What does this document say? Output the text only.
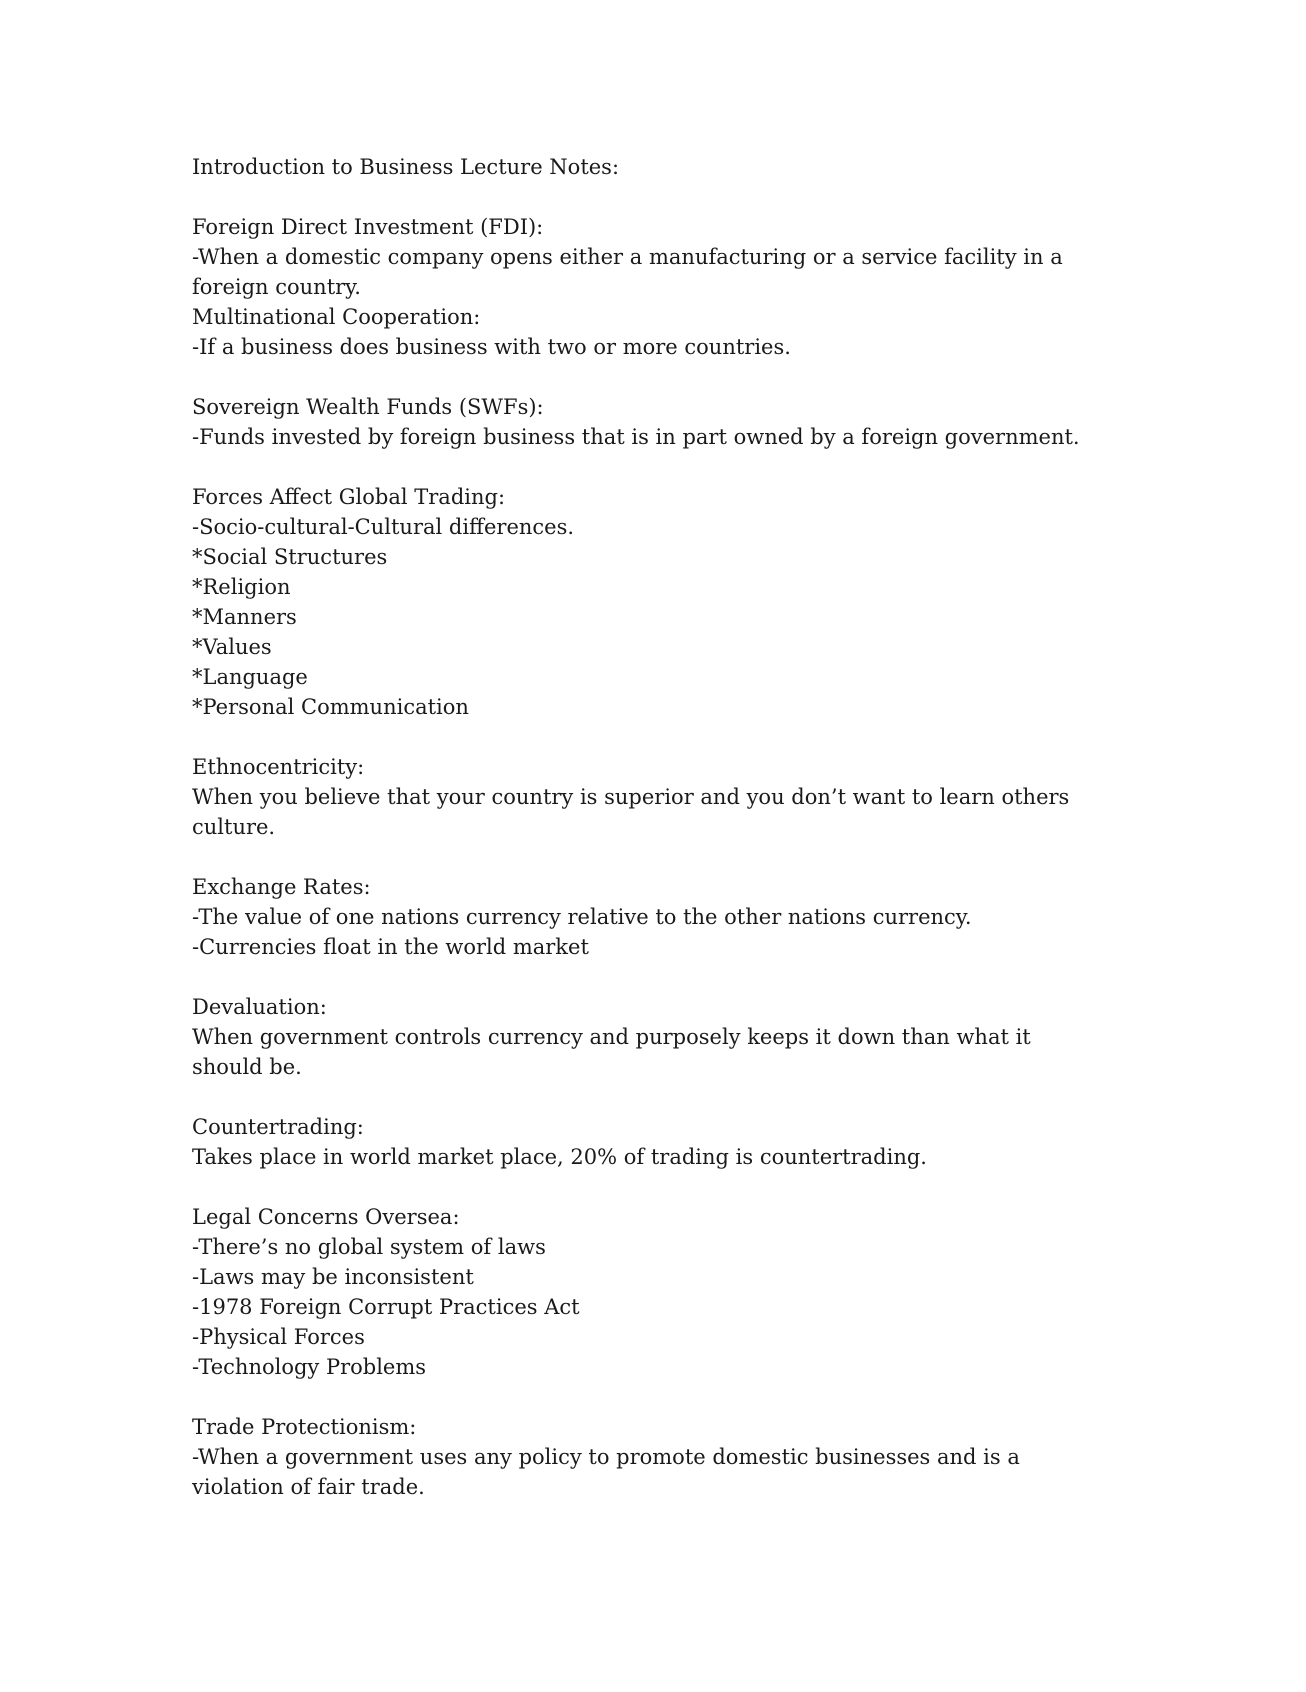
Introduction to Business Lecture Notes:
Foreign Direct Investment (FDI):
-When a domestic company opens either a manufacturing or a service facility in a
foreign country.
Multinational Cooperation:
-If a business does business with two or more countries.
Sovereign Wealth Funds (SWFs):
-Funds invested by foreign business that is in part owned by a foreign government.
Forces Affect Global Trading:
-Socio-cultural-Cultural differences.
*Social Structures
*Religion
*Manners
*Values
*Language
*Personal Communication
Ethnocentricity:
When you believe that your country is superior and you don’t want to learn others
culture.
Exchange Rates:
-The value of one nations currency relative to the other nations currency.
-Currencies float in the world market
Devaluation:
When government controls currency and purposely keeps it down than what it
should be.
Countertrading:
Takes place in world market place, 20% of trading is countertrading.
Legal Concerns Oversea:
-There’s no global system of laws
-Laws may be inconsistent
-1978 Foreign Corrupt Practices Act
-Physical Forces
-Technology Problems
Trade Protectionism:
-When a government uses any policy to promote domestic businesses and is a
violation of fair trade.
